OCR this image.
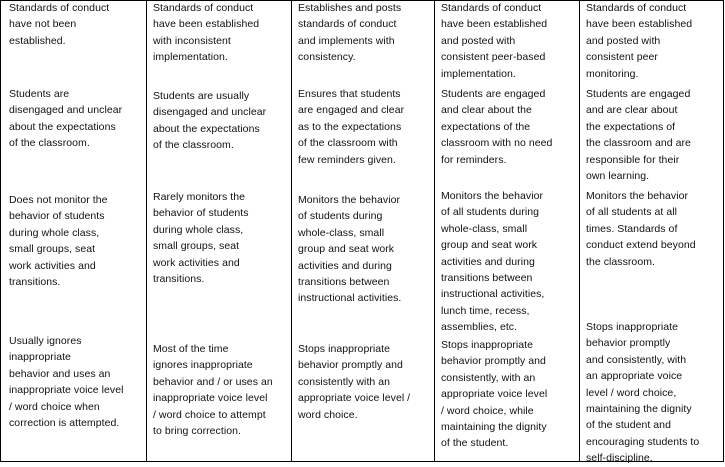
Standards of conduct
have not been
established.
Standards of conduct
have been established
with inconsistent
implementation.
Establishes and posts
standards of conduct
and implements with
consistency.
Standards of conduct
have been established
and posted with
consistent peer-based
implementation.
Standards of conduct
have been established
and posted with
consistent peer
monitoring.
Students are
disengaged and unclear
about the expectations
of the classroom.
Students are usually
disengaged and unclear
about the expectations
of the classroom.
Ensures that students
are engaged and clear
as to the expectations
of the classroom with
few reminders given.
Students are engaged
and clear about the
expectations of the
classroom with no need
for reminders.
Students are engaged
and are clear about
the expectations of
the classroom and are
responsible for their
own learning.
Does not monitor the
behavior of students
during whole class,
small groups, seat
work activities and
transitions.
Rarely monitors the
behavior of students
during whole class,
small groups, seat
work activities and
transitions.
Monitors the behavior
of students during
whole-class, small
group and seat work
activities and during
transitions between
instructional activities.
Monitors the behavior
of all students during
whole-class, small
group and seat work
activities and during
transitions between
instructional activities,
lunch time, recess,
assemblies, etc.
Monitors the behavior
of all students at all
times. Standards of
conduct extend beyond
the classroom.
Usually ignores
inappropriate
behavior and uses an
inappropriate voice level
/ word choice when
correction is attempted.
Most of the time
ignores inappropriate
behavior and / or uses an
inappropriate voice level
/ word choice to attempt
to bring correction.
Stops inappropriate
behavior promptly and
consistently with an
appropriate voice level /
word choice.
Stops inappropriate
behavior promptly and
consistently, with an
appropriate voice level
/ word choice, while
maintaining the dignity
of the student.
Stops inappropriate
behavior promptly
and consistently, with
an appropriate voice
level / word choice,
maintaining the dignity
of the student and
encouraging students to
self-discipline.
